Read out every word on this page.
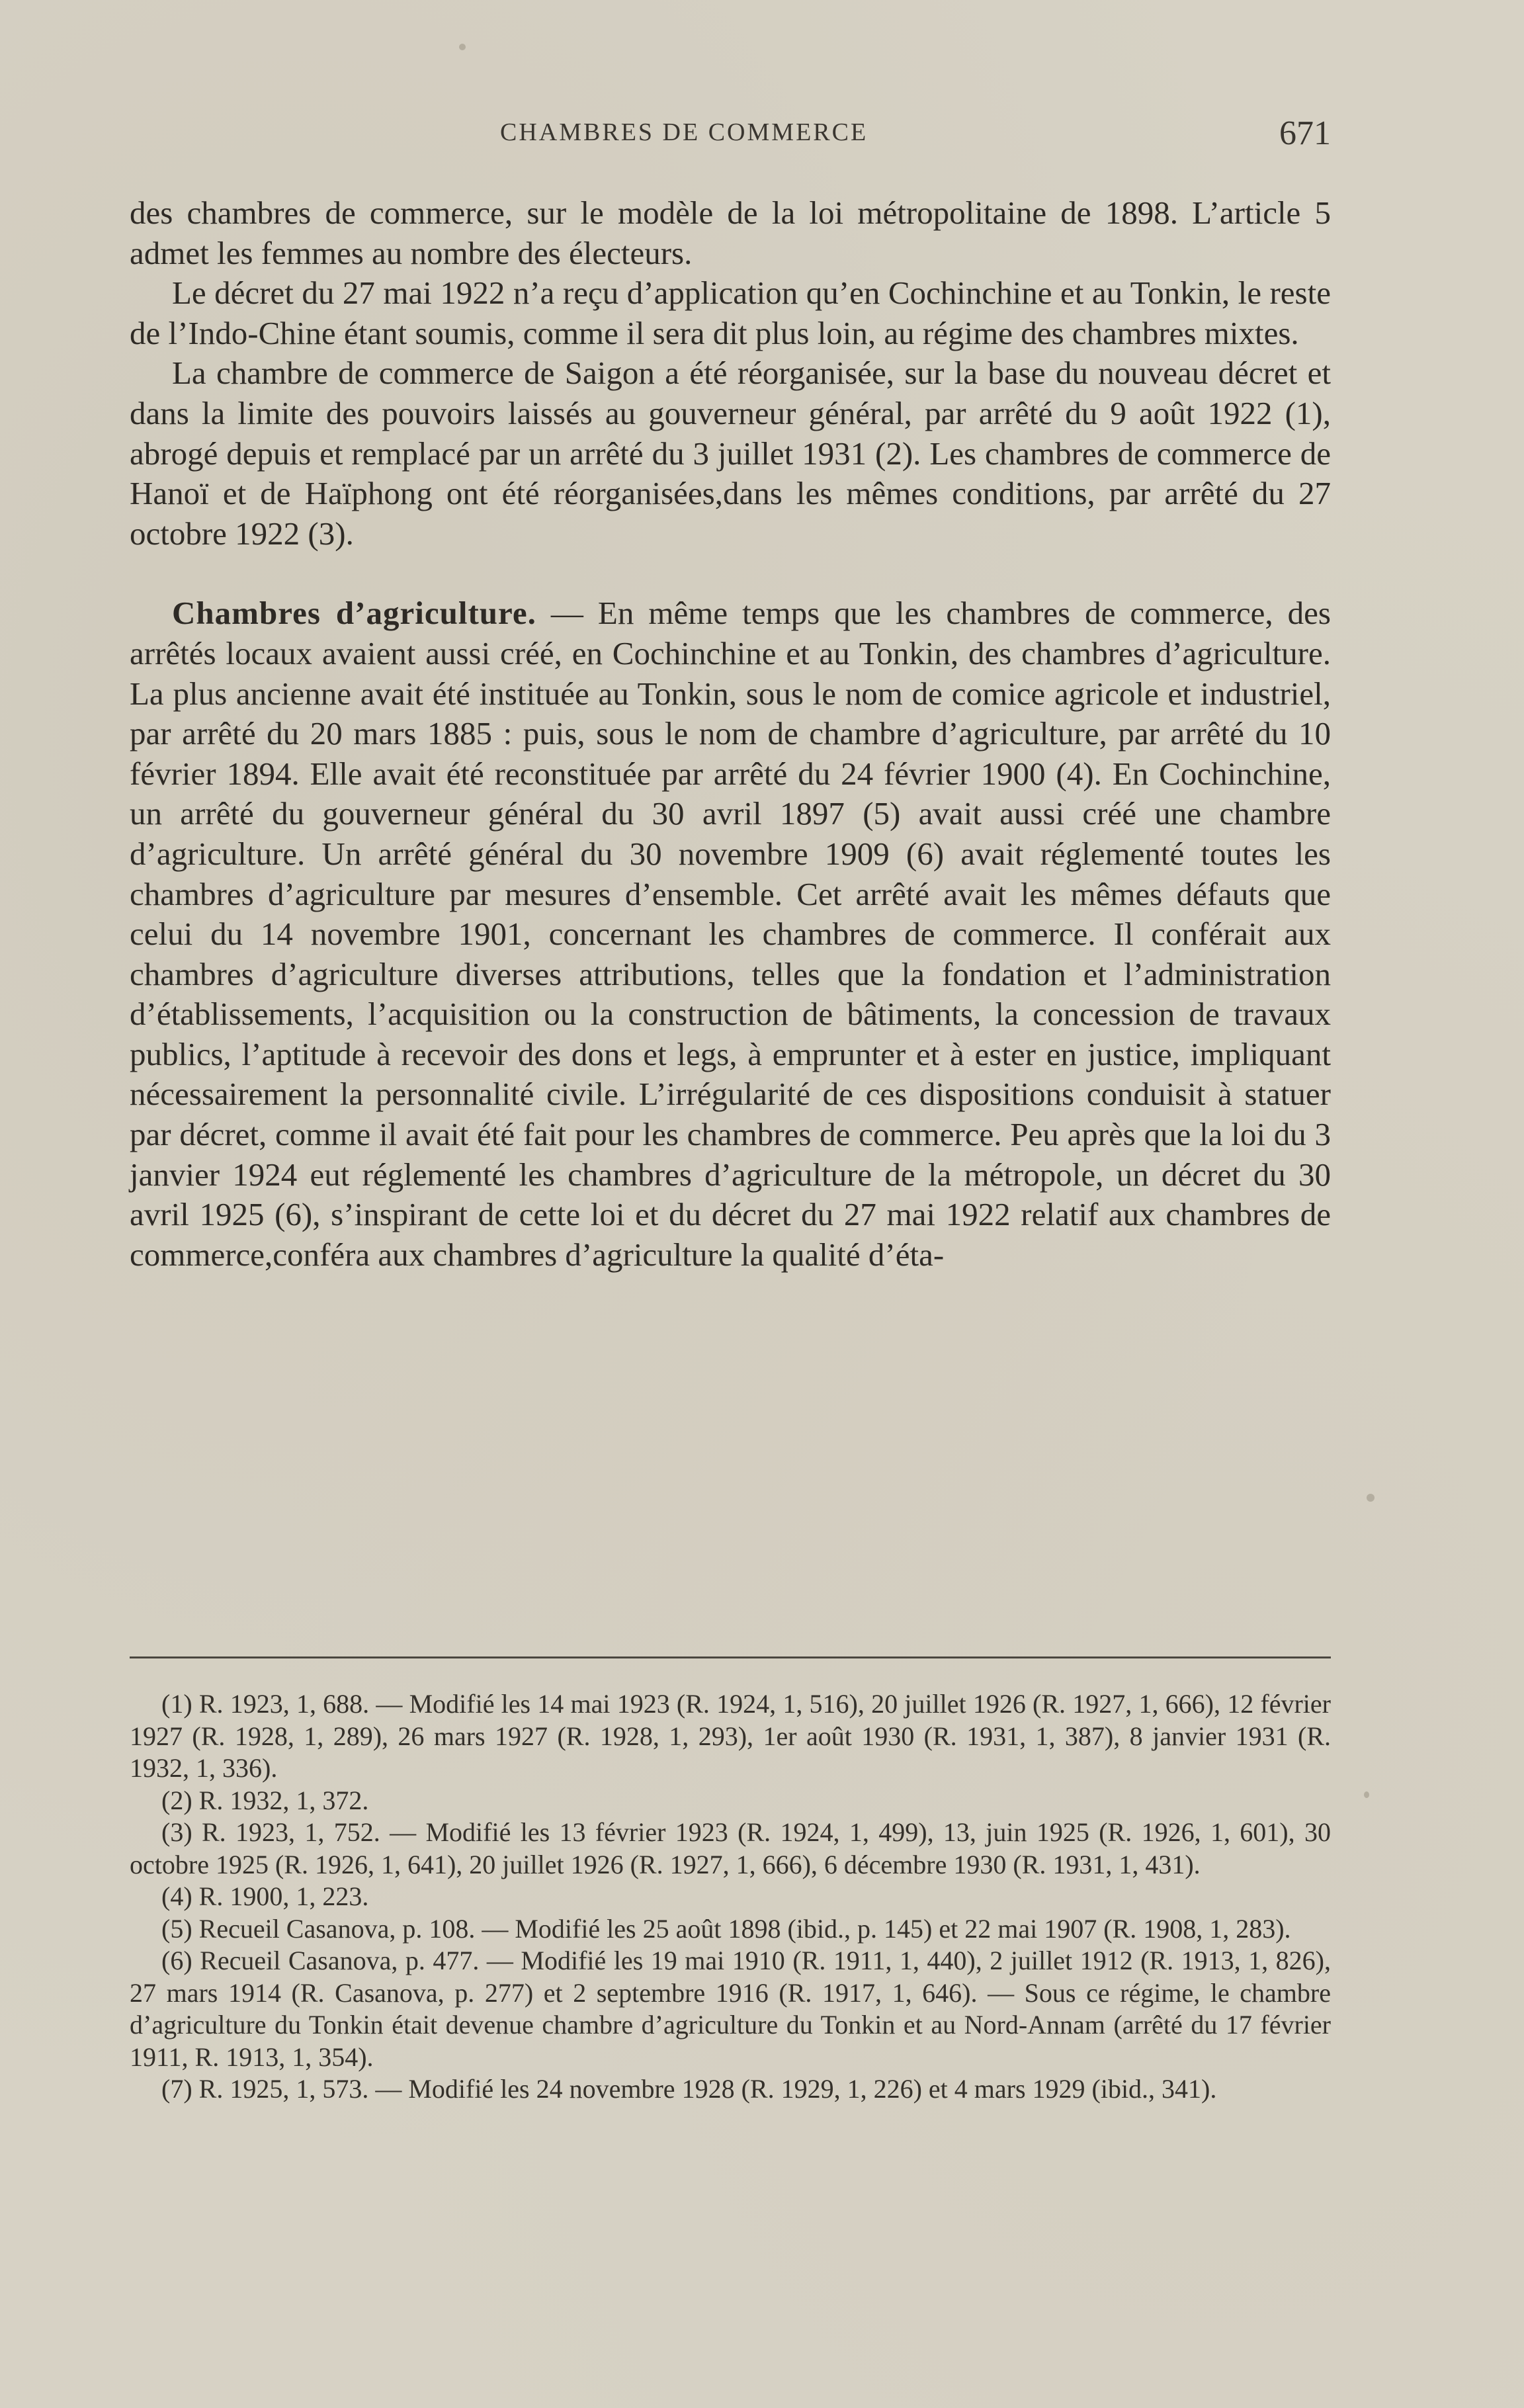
CHAMBRES DE COMMERCE	671

des chambres de commerce, sur le modèle de la loi métropolitaine de 1898. L’article 5 admet les femmes au nombre des électeurs.

Le décret du 27 mai 1922 n’a reçu d’application qu’en Cochinchine et au Tonkin, le reste de l’Indo-Chine étant soumis, comme il sera dit plus loin, au régime des chambres mixtes.

La chambre de commerce de Saigon a été réorganisée, sur la base du nouveau décret et dans la limite des pouvoirs laissés au gouverneur général, par arrêté du 9 août 1922 (1), abrogé depuis et remplacé par un arrêté du 3 juillet 1931 (2). Les chambres de commerce de Hanoï et de Haïphong ont été réorganisées,dans les mêmes conditions, par arrêté du 27 octobre 1922 (3).

Chambres d’agriculture. — En même temps que les chambres de commerce, des arrêtés locaux avaient aussi créé, en Cochinchine et au Tonkin, des chambres d’agriculture. La plus ancienne avait été instituée au Tonkin, sous le nom de comice agricole et industriel, par arrêté du 20 mars 1885 : puis, sous le nom de chambre d’agriculture, par arrêté du 10 février 1894. Elle avait été reconstituée par arrêté du 24 février 1900 (4). En Cochinchine, un arrêté du gouverneur général du 30 avril 1897 (5) avait aussi créé une chambre d’agriculture. Un arrêté général du 30 novembre 1909 (6) avait réglementé toutes les chambres d’agriculture par mesures d’ensemble. Cet arrêté avait les mêmes défauts que celui du 14 novembre 1901, concernant les chambres de commerce. Il conférait aux chambres d’agriculture diverses attributions, telles que la fondation et l’administration d’établissements, l’acquisition ou la construction de bâtiments, la concession de travaux publics, l’aptitude à recevoir des dons et legs, à emprunter et à ester en justice, impliquant nécessairement la personnalité civile. L’irrégularité de ces dispositions conduisit à statuer par décret, comme il avait été fait pour les chambres de commerce. Peu après que la loi du 3 janvier 1924 eut réglementé les chambres d’agriculture de la métropole, un décret du 30 avril 1925 (6), s’inspirant de cette loi et du décret du 27 mai 1922 relatif aux chambres de commerce,conféra aux chambres d’agriculture la qualité d’éta-

(1) R. 1923, 1, 688. — Modifié les 14 mai 1923 (R. 1924, 1, 516), 20 juillet 1926 (R. 1927, 1, 666), 12 février 1927 (R. 1928, 1, 289), 26 mars 1927 (R. 1928, 1, 293), 1er août 1930 (R. 1931, 1, 387), 8 janvier 1931 (R. 1932, 1, 336).

(2) R. 1932, 1, 372.

(3) R. 1923, 1, 752. — Modifié les 13 février 1923 (R. 1924, 1, 499), 13, juin 1925 (R. 1926, 1, 601), 30 octobre 1925 (R. 1926, 1, 641), 20 juillet 1926 (R. 1927, 1, 666), 6 décembre 1930 (R. 1931, 1, 431).

(4) R. 1900, 1, 223.

(5) Recueil Casanova, p. 108. — Modifié les 25 août 1898 (ibid., p. 145) et 22 mai 1907 (R. 1908, 1, 283).

(6) Recueil Casanova, p. 477. — Modifié les 19 mai 1910 (R. 1911, 1, 440), 2 juillet 1912 (R. 1913, 1, 826), 27 mars 1914 (R. Casanova, p. 277) et 2 septembre 1916 (R. 1917, 1, 646). — Sous ce régime, le chambre d’agriculture du Tonkin était devenue chambre d’agriculture du Tonkin et au Nord-Annam (arrêté du 17 février 1911, R. 1913, 1, 354).

(7) R. 1925, 1, 573. — Modifié les 24 novembre 1928 (R. 1929, 1, 226) et 4 mars 1929 (ibid., 341).
